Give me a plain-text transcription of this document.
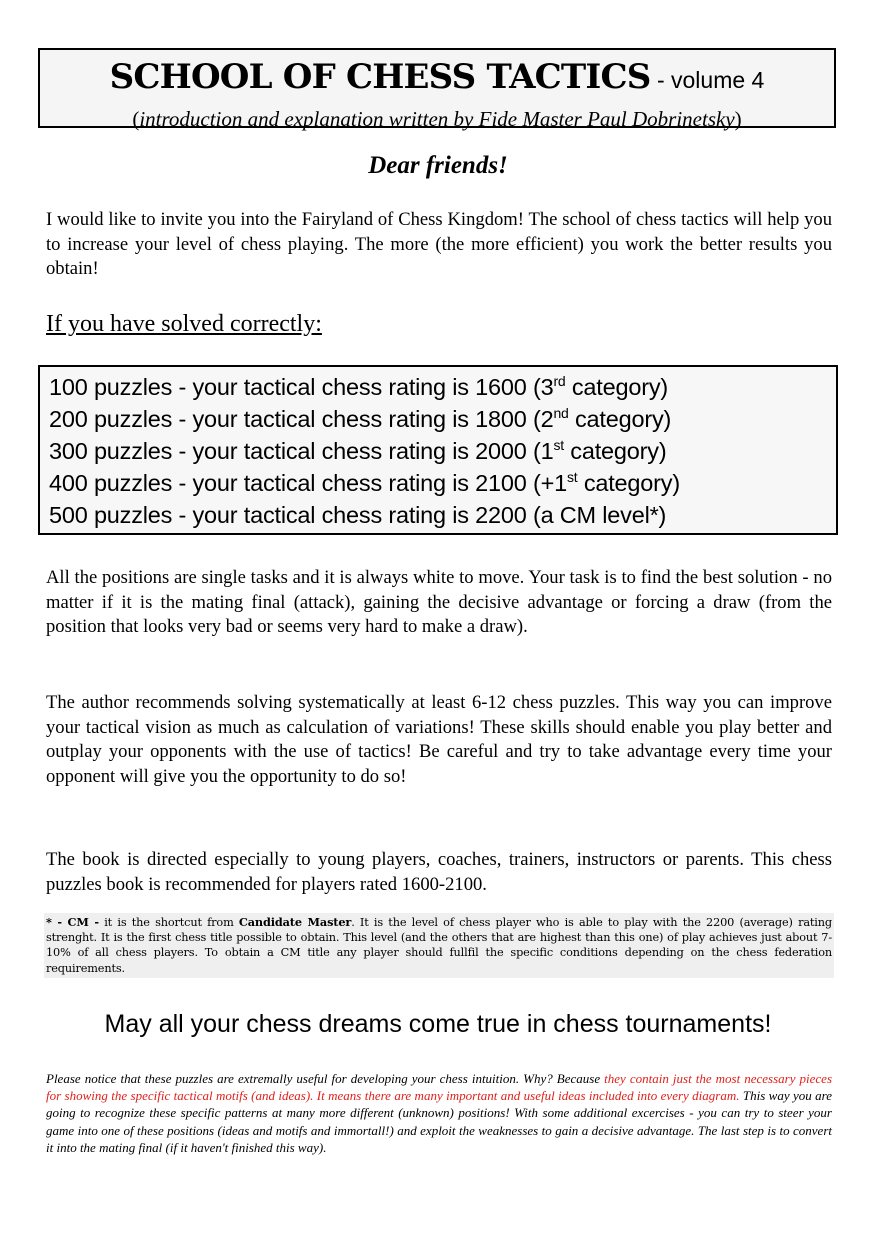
SCHOOL OF CHESS TACTICS - volume 4
(introduction and explanation written by Fide Master Paul Dobrinetsky)
Dear friends!

I would like to invite you into the Fairyland of Chess Kingdom! The school of chess tactics will help you to increase your level of chess playing. The more (the more efficient) you work the better results you obtain!

If you have solved correctly:
100 puzzles - your tactical chess rating is 1600 (3rd category)
200 puzzles - your tactical chess rating is 1800 (2nd category)
300 puzzles - your tactical chess rating is 2000 (1st category)
400 puzzles - your tactical chess rating is 2100 (+1st category)
500 puzzles - your tactical chess rating is 2200 (a CM level*)

All the positions are single tasks and it is always white to move. Your task is to find the best solution - no matter if it is the mating final (attack), gaining the decisive advantage or forcing a draw (from the position that looks very bad or seems very hard to make a draw).

The author recommends solving systematically at least 6-12 chess puzzles. This way you can improve your tactical vision as much as calculation of variations! These skills should enable you play better and outplay your opponents with the use of tactics! Be careful and try to take advantage every time your opponent will give you the opportunity to do so!

The book is directed especially to young players, coaches, trainers, instructors or parents. This chess puzzles book is recommended for players rated 1600-2100.

* - CM - it is the shortcut from Candidate Master. It is the level of chess player who is able to play with the 2200 (average) rating strenght. It is the first chess title possible to obtain. This level (and the others that are highest than this one) of play achieves just about 7-10% of all chess players. To obtain a CM title any player should fullfil the specific conditions depending on the chess federation requirements.
May all your chess dreams come true in chess tournaments!

Please notice that these puzzles are extremally useful for developing your chess intuition. Why? Because they contain just the most necessary pieces for showing the specific tactical motifs (and ideas). It means there are many important and useful ideas included into every diagram. This way you are going to recognize these specific patterns at many more different (unknown) positions! With some additional excercises - you can try to steer your game into one of these positions (ideas and motifs and immortall!) and exploit the weaknesses to gain a decisive advantage. The last step is to convert it into the mating final (if it haven't finished this way).
